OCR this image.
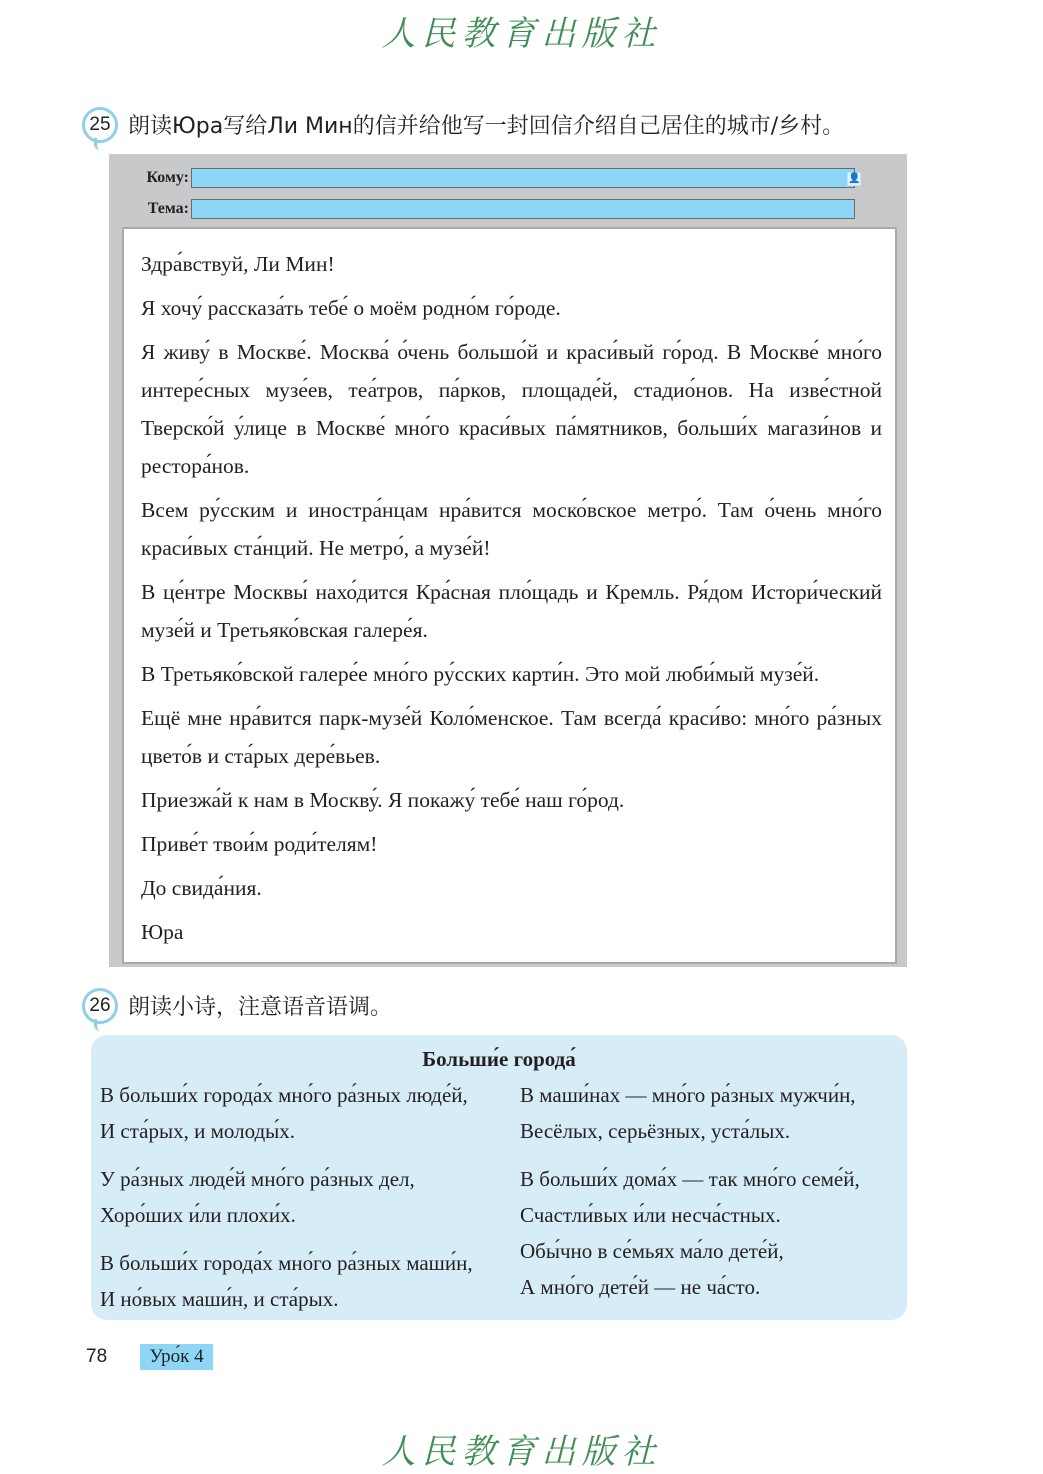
人民教育出版社
25 朗读Юра写给Ли Мин的信并给他写一封回信介绍自己居住的城市/乡村。
Кому:	👤
Тема:

Здра́вствуй, Ли Мин!

Я хочу́ рассказа́ть тебе́ о моём родно́м го́роде.

Я живу́ в Москве́. Москва́ о́чень большо́й и краси́вый го́род. В Москве́ мно́го интере́сных музе́ев, теа́тров, па́рков, площаде́й, стадио́нов. На изве́стной Тверско́й у́лице в Москве́ мно́го краси́вых па́мятников, больши́х магази́нов и рестора́нов.

Всем ру́сским и иностра́нцам нра́вится моско́вское метро́. Там о́чень мно́го краси́вых ста́нций. Не метро́, а музе́й!

В це́нтре Москвы́ нахо́дится Кра́сная пло́щадь и Кремль. Ря́дом Истори́ческий музе́й и Третьяко́вская галере́я.

В Третьяко́вской галере́е мно́го ру́сских карти́н. Это мой люби́мый музе́й.

Ещё мне нра́вится парк-музе́й Коло́менское. Там всегда́ краси́во: мно́го ра́зных цвето́в и ста́рых дере́вьев.

Приезжа́й к нам в Москву́. Я покажу́ тебе́ наш го́род.

Приве́т твои́м роди́телям!

До свида́ния.

Юра

26 朗读小诗，注意语音语调。
Больши́е города́
В больши́х города́х мно́го ра́зных люде́й,
И ста́рых, и молоды́х.
У ра́зных люде́й мно́го ра́зных дел,
Хоро́ших и́ли плохи́х.
В больши́х города́х мно́го ра́зных маши́н,
И но́вых маши́н, и ста́рых.
В маши́нах — мно́го ра́зных мужчи́н,
Весёлых, серьёзных, уста́лых.
В больши́х дома́х — так мно́го семе́й,
Счастли́вых и́ли несча́стных.
Обы́чно в се́мьях ма́ло дете́й,
А мно́го дете́й — не ча́сто.
78	Уро́к 4
人民教育出版社
